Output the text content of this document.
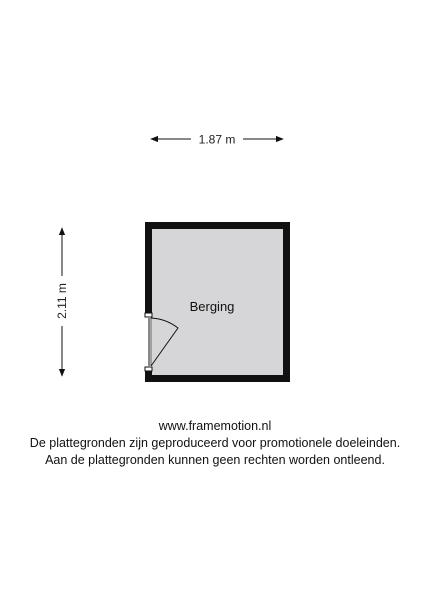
1.87 m
2.11 m	Berging
www.framemotion.nl
De plattegronden zijn geproduceerd voor promotionele doeleinden.
Aan de plattegronden kunnen geen rechten worden ontleend.
